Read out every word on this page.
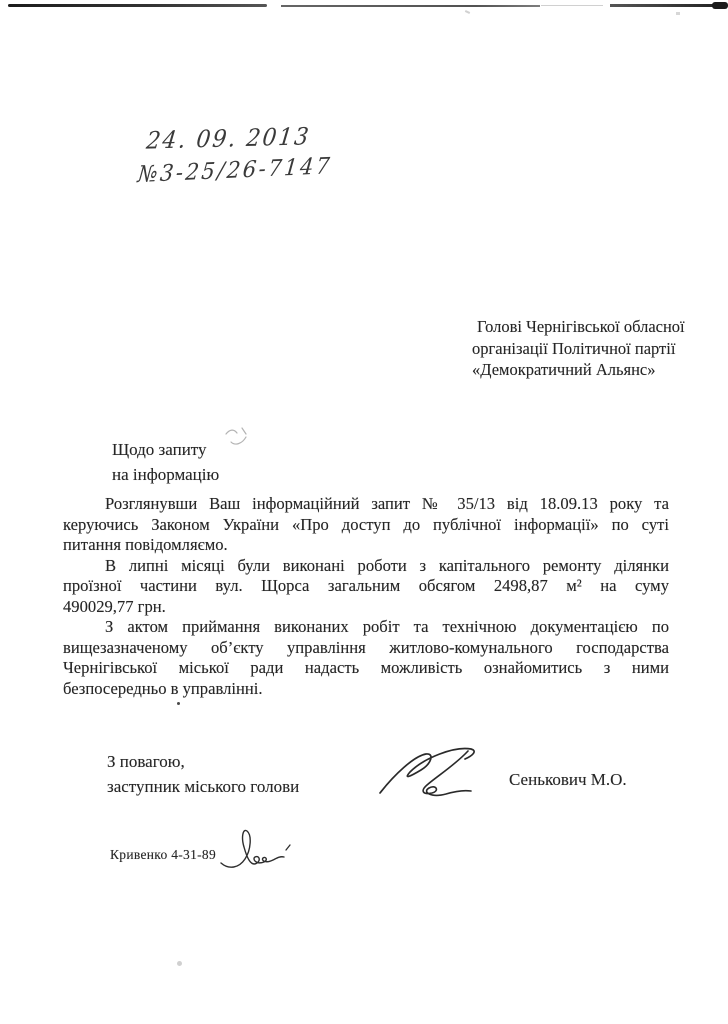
24. 09. 2013
№3-25/26-7147
Голові Чернігівської обласної
організації Політичної партії
«Демократичний Альянс»
Щодо запиту
на інформацію
Розглянувши Ваш інформаційний запит № 35/13 від 18.09.13 року та
керуючись Законом України «Про доступ до публічної інформації» по суті
питання повідомляємо.
В липні місяці були виконані роботи з капітального ремонту ділянки
проїзної частини вул. Щорса загальним обсягом 2498,87 м² на суму
490029,77 грн.
З актом приймання виконаних робіт та технічною документацією по
вищезазначеному об’єкту управління житлово-комунального господарства
Чернігівської міської ради надасть можливість ознайомитись з ними
безпосередньо в управлінні.
З повагою,
заступник міського голови	Сенькович М.О.
Кривенко 4-31-89
